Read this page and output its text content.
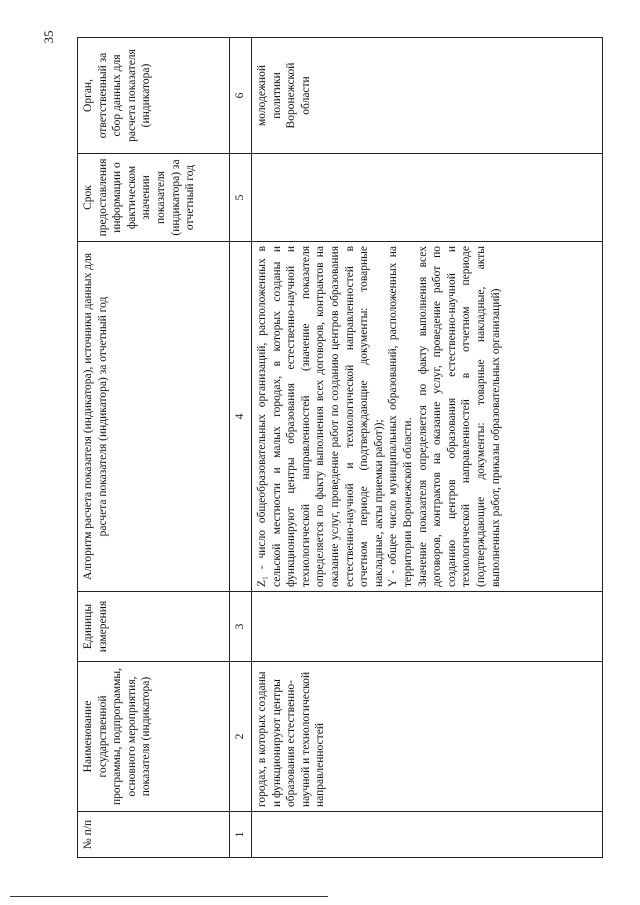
35
№ п/п	Наименование государственной программы, подпрограммы, основного мероприятия, показателя (индикатора)	Единицы измерения	Алгоритм расчета показателя (индикатора), источники данных для расчета показателя (индикатора) за отчетный год	Срок предоставления информации о фактическом значении показателя (индикатора) за отчетный год	Орган, ответственный за сбор данных для расчета показателя (индикатора)
1	2	3	4	5	6
	городах, в которых созданы и функционируют центры образования естественно-научной и технологической направленностей		Z₁ - число общеобразовательных организаций, расположенных в сельской местности и малых городах, в которых созданы и функционируют центры образования естественно-научной и технологической направленностей (значение показателя определяется по факту выполнения всех договоров, контрактов на оказание услуг, проведение работ по созданию центров образования естественно-научной и технологической направленностей в отчетном периоде (подтверждающие документы: товарные накладные, акты приемки работ)); Y - общее число муниципальных образований, расположенных на территории Воронежской области. Значение показателя определяется по факту выполнения всех договоров, контрактов на оказание услуг, проведение работ по созданию центров образования естественно-научной и технологической направленностей в отчетном периоде (подтверждающие документы: товарные накладные, акты выполненных работ, приказы образовательных организаций)		молодежной политики Воронежской области
